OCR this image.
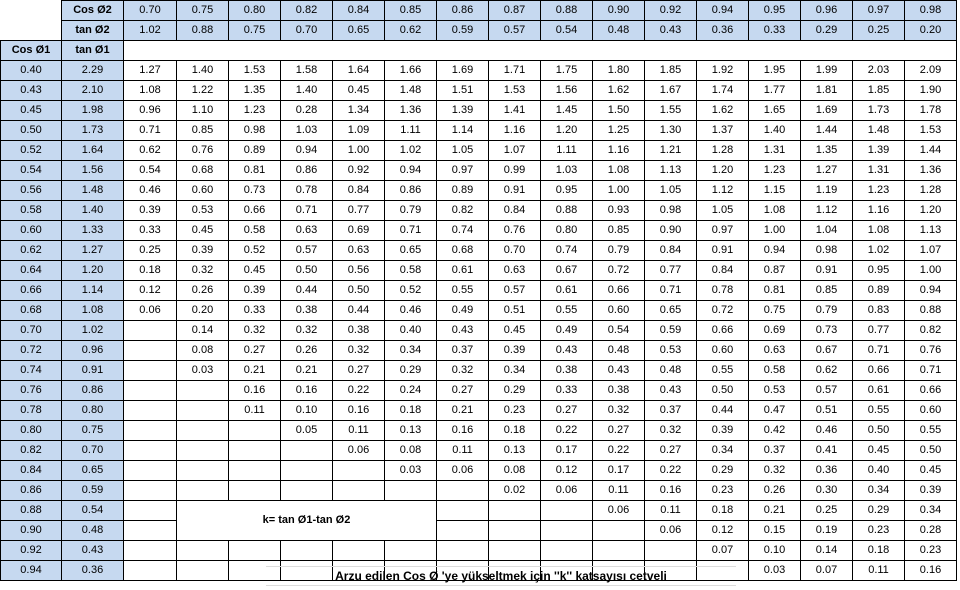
	Cos Ø2	0.70	0.75	0.80	0.82	0.84	0.85	0.86	0.87	0.88	0.90	0.92	0.94	0.95	0.96	0.97	0.98
	tan Ø2	1.02	0.88	0.75	0.70	0.65	0.62	0.59	0.57	0.54	0.48	0.43	0.36	0.33	0.29	0.25	0.20
Cos Ø1	tan Ø1																
0.40	2.29	1.27	1.40	1.53	1.58	1.64	1.66	1.69	1.71	1.75	1.80	1.85	1.92	1.95	1.99	2.03	2.09
0.43	2.10	1.08	1.22	1.35	1.40	0.45	1.48	1.51	1.53	1.56	1.62	1.67	1.74	1.77	1.81	1.85	1.90
0.45	1.98	0.96	1.10	1.23	0.28	1.34	1.36	1.39	1.41	1.45	1.50	1.55	1.62	1.65	1.69	1.73	1.78
0.50	1.73	0.71	0.85	0.98	1.03	1.09	1.11	1.14	1.16	1.20	1.25	1.30	1.37	1.40	1.44	1.48	1.53
0.52	1.64	0.62	0.76	0.89	0.94	1.00	1.02	1.05	1.07	1.11	1.16	1.21	1.28	1.31	1.35	1.39	1.44
0.54	1.56	0.54	0.68	0.81	0.86	0.92	0.94	0.97	0.99	1.03	1.08	1.13	1.20	1.23	1.27	1.31	1.36
0.56	1.48	0.46	0.60	0.73	0.78	0.84	0.86	0.89	0.91	0.95	1.00	1.05	1.12	1.15	1.19	1.23	1.28
0.58	1.40	0.39	0.53	0.66	0.71	0.77	0.79	0.82	0.84	0.88	0.93	0.98	1.05	1.08	1.12	1.16	1.20
0.60	1.33	0.33	0.45	0.58	0.63	0.69	0.71	0.74	0.76	0.80	0.85	0.90	0.97	1.00	1.04	1.08	1.13
0.62	1.27	0.25	0.39	0.52	0.57	0.63	0.65	0.68	0.70	0.74	0.79	0.84	0.91	0.94	0.98	1.02	1.07
0.64	1.20	0.18	0.32	0.45	0.50	0.56	0.58	0.61	0.63	0.67	0.72	0.77	0.84	0.87	0.91	0.95	1.00
0.66	1.14	0.12	0.26	0.39	0.44	0.50	0.52	0.55	0.57	0.61	0.66	0.71	0.78	0.81	0.85	0.89	0.94
0.68	1.08	0.06	0.20	0.33	0.38	0.44	0.46	0.49	0.51	0.55	0.60	0.65	0.72	0.75	0.79	0.83	0.88
0.70	1.02		0.14	0.32	0.32	0.38	0.40	0.43	0.45	0.49	0.54	0.59	0.66	0.69	0.73	0.77	0.82
0.72	0.96		0.08	0.27	0.26	0.32	0.34	0.37	0.39	0.43	0.48	0.53	0.60	0.63	0.67	0.71	0.76
0.74	0.91		0.03	0.21	0.21	0.27	0.29	0.32	0.34	0.38	0.43	0.48	0.55	0.58	0.62	0.66	0.71
0.76	0.86			0.16	0.16	0.22	0.24	0.27	0.29	0.33	0.38	0.43	0.50	0.53	0.57	0.61	0.66
0.78	0.80			0.11	0.10	0.16	0.18	0.21	0.23	0.27	0.32	0.37	0.44	0.47	0.51	0.55	0.60
0.80	0.75				0.05	0.11	0.13	0.16	0.18	0.22	0.27	0.32	0.39	0.42	0.46	0.50	0.55
0.82	0.70					0.06	0.08	0.11	0.13	0.17	0.22	0.27	0.34	0.37	0.41	0.45	0.50
0.84	0.65						0.03	0.06	0.08	0.12	0.17	0.22	0.29	0.32	0.36	0.40	0.45
0.86	0.59								0.02	0.06	0.11	0.16	0.23	0.26	0.30	0.34	0.39
0.88	0.54		k= tan Ø1-tan Ø2								0.06	0.11	0.18	0.21	0.25	0.29	0.34
0.90	0.48											0.06	0.12	0.15	0.19	0.23	0.28
0.92	0.43												0.07	0.10	0.14	0.18	0.23
0.94	0.36													0.03	0.07	0.11	0.16
Arzu edilen Cos Ø 'ye yükseltmek için ''k'' katsayısı cetveli
